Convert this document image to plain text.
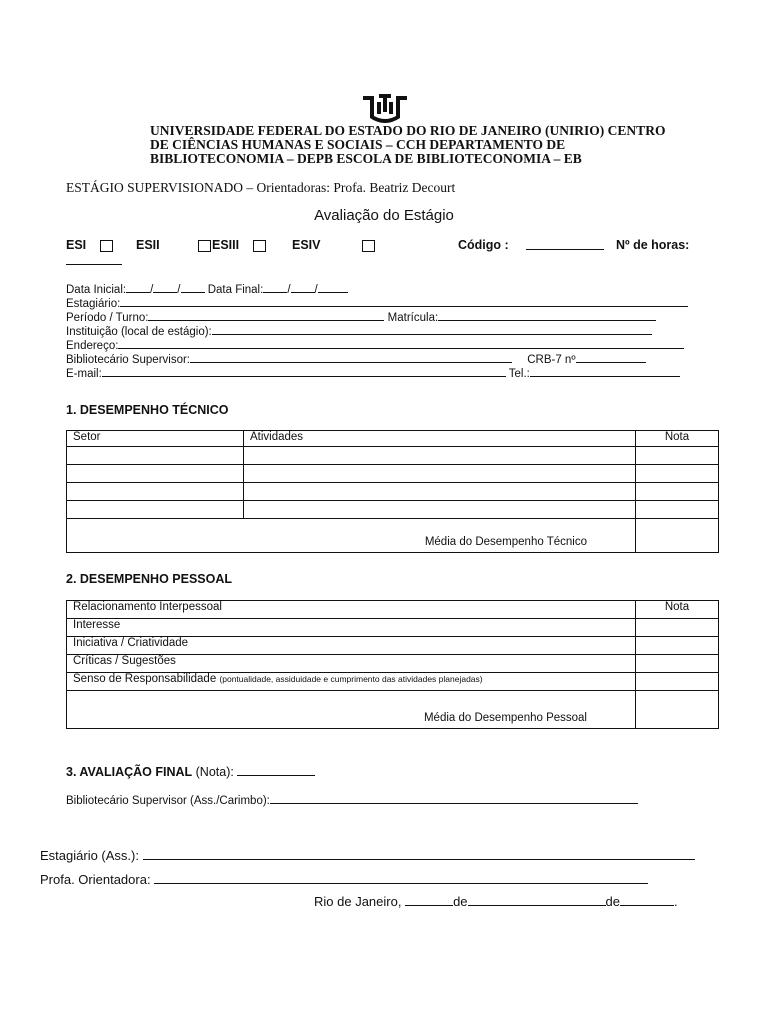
UNIVERSIDADE FEDERAL DO ESTADO DO RIO DE JANEIRO (UNIRIO) CENTRO
DE CIÊNCIAS HUMANAS E SOCIAIS – CCH DEPARTAMENTO DE
BIBLIOTECONOMIA – DEPB ESCOLA DE BIBLIOTECONOMIA – EB
ESTÁGIO SUPERVISIONADO – Orientadoras: Profa. Beatriz Decourt
Avaliação do Estágio
ESI	ESII	ESIII	ESIV	Código :	Nº de horas:
Data Inicial: / / Data Final: / /
Estagiário:
Período / Turno:	Matrícula:
Instituição (local de estágio):
Endereço:
Bibliotecário Supervisor:	CRB-7 nº
E-mail:	Tel.:
1. DESEMPENHO TÉCNICO
Setor	Atividades	Nota

Média do Desempenho Técnico		
2. DESEMPENHO PESSOAL
Relacionamento Interpessoal	Nota
Interesse	
Iniciativa / Criatividade	
Críticas / Sugestões	
Senso de Responsabilidade (pontualidade, assiduidade e cumprimento das atividades planejadas)	
Média do Desempenho Pessoal	
3. AVALIAÇÃO FINAL (Nota):
Bibliotecário Supervisor (Ass./Carimbo):
Estagiário (Ass.):
Profa. Orientadora:
Rio de Janeiro,	de	de	.
